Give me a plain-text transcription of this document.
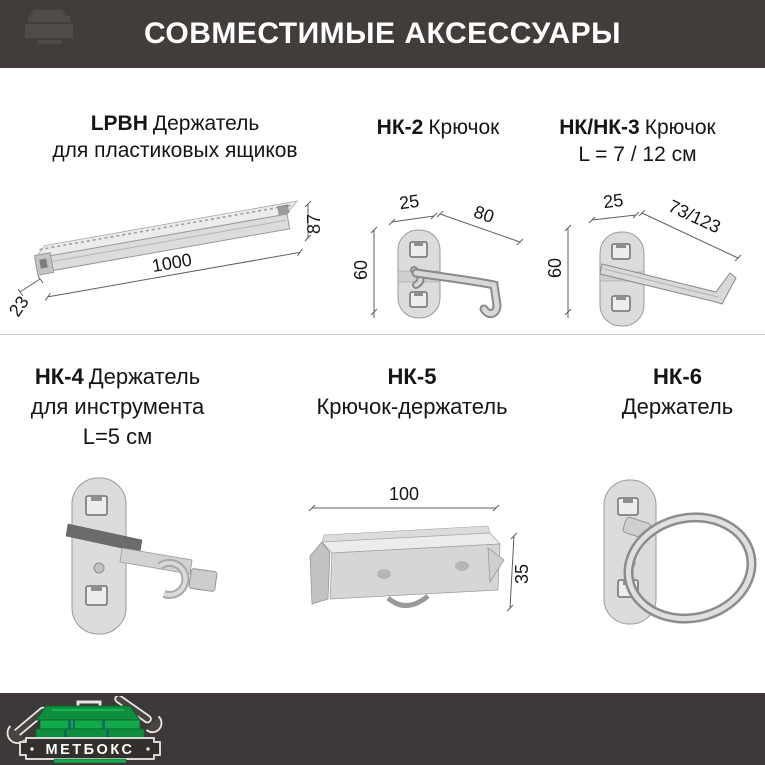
СОВМЕСТИМЫЕ АКСЕССУАРЫ
LPBH Держатель
для пластиковых ящиков
НК-2 Крючок	НК/НК-3 Крючок
L = 7 / 12 см
1000
23
87
60
25	80
60
25 73/123
НК-4 Держатель
для инструмента
L=5 см
НК-5
Крючок-держатель
НК-6
Держатель
100
35
МЕТБОКС
